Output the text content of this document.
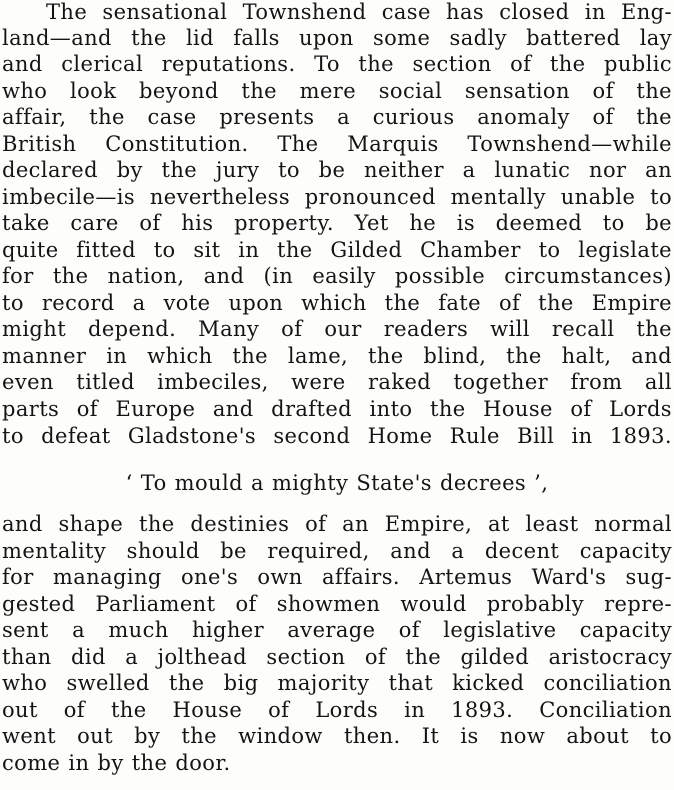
The sensational Townshend case has closed in Eng-
land—and the lid falls upon some sadly battered lay
and clerical reputations. To the section of the public
who look beyond the mere social sensation of the
affair, the case presents a curious anomaly of the
British Constitution. The Marquis Townshend—while
declared by the jury to be neither a lunatic nor an
imbecile—is nevertheless pronounced mentally unable to
take care of his property. Yet he is deemed to be
quite fitted to sit in the Gilded Chamber to legislate
for the nation, and (in easily possible circumstances)
to record a vote upon which the fate of the Empire
might depend. Many of our readers will recall the
manner in which the lame, the blind, the halt, and
even titled imbeciles, were raked together from all
parts of Europe and drafted into the House of Lords
to defeat Gladstone's second Home Rule Bill in 1893.
‘ To mould a mighty State's decrees ’,
and shape the destinies of an Empire, at least normal
mentality should be required, and a decent capacity
for managing one's own affairs. Artemus Ward's sug-
gested Parliament of showmen would probably repre-
sent a much higher average of legislative capacity
than did a jolthead section of the gilded aristocracy
who swelled the big majority that kicked conciliation
out of the House of Lords in 1893. Conciliation
went out by the window then. It is now about to
come in by the door.
